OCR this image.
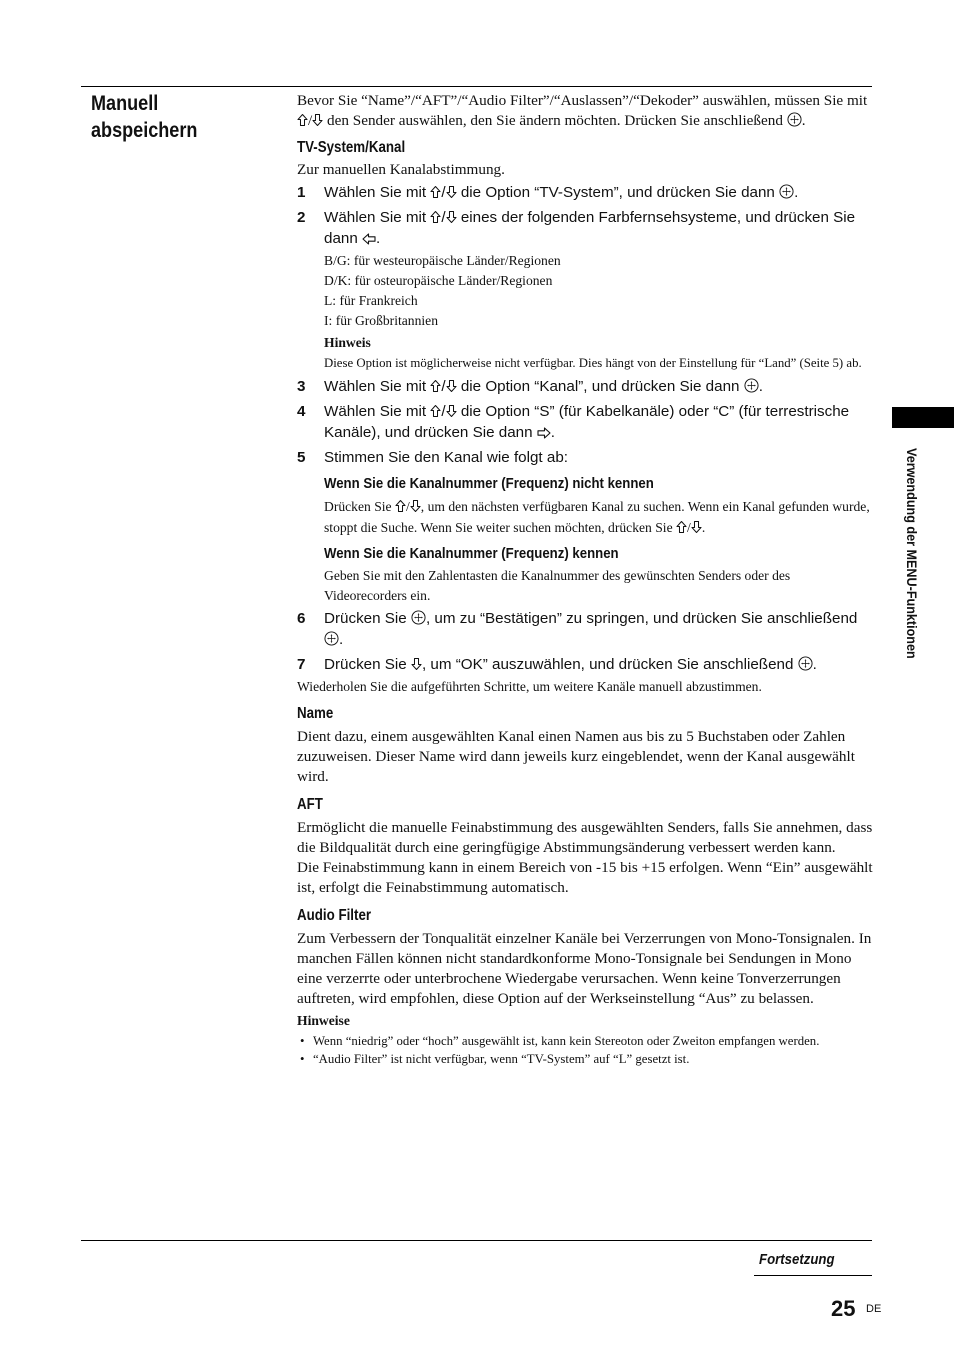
Manuell abspeichern

Bevor Sie “Name”/“AFT”/“Audio Filter”/“Auslassen”/“Dekoder” auswählen, müssen Sie mit / den Sender auswählen, den Sie ändern möchten. Drücken Sie anschließend .

TV-System/Kanal

Zur manuellen Kanalabstimmung.

1 Wählen Sie mit / die Option “TV-System”, und drücken Sie dann .
2 Wählen Sie mit / eines der folgenden Farbfernsehsysteme, und drücken Sie dann .

B/G: für westeuropäische Länder/Regionen

D/K: für osteuropäische Länder/Regionen

L: für Frankreich

I: für Großbritannien

Hinweis

Diese Option ist möglicherweise nicht verfügbar. Dies hängt von der Einstellung für “Land” (Seite 5) ab.

3 Wählen Sie mit / die Option “Kanal”, und drücken Sie dann .
4 Wählen Sie mit / die Option “S” (für Kabelkanäle) oder “C” (für terrestrische Kanäle), und drücken Sie dann .
5 Stimmen Sie den Kanal wie folgt ab:
Wenn Sie die Kanalnummer (Frequenz) nicht kennen

Drücken Sie / , um den nächsten verfügbaren Kanal zu suchen. Wenn ein Kanal gefunden wurde, stoppt die Suche. Wenn Sie weiter suchen möchten, drücken Sie / .

Wenn Sie die Kanalnummer (Frequenz) kennen

Geben Sie mit den Zahlentasten die Kanalnummer des gewünschten Senders oder des Videorecorders ein.

6 Drücken Sie , um zu “Bestätigen” zu springen, und drücken Sie anschließend .
7 Drücken Sie , um “OK” auszuwählen, und drücken Sie anschließend .

Wiederholen Sie die aufgeführten Schritte, um weitere Kanäle manuell abzustimmen.

Name

Dient dazu, einem ausgewählten Kanal einen Namen aus bis zu 5 Buchstaben oder Zahlen zuzuweisen. Dieser Name wird dann jeweils kurz eingeblendet, wenn der Kanal ausgewählt wird.

AFT

Ermöglicht die manuelle Feinabstimmung des ausgewählten Senders, falls Sie annehmen, dass die Bildqualität durch eine geringfügige Abstimmungsänderung verbessert werden kann.

Die Feinabstimmung kann in einem Bereich von -15 bis +15 erfolgen. Wenn “Ein” ausgewählt ist, erfolgt die Feinabstimmung automatisch.

Audio Filter

Zum Verbessern der Tonqualität einzelner Kanäle bei Verzerrungen von Mono-Tonsignalen. In manchen Fällen können nicht standardkonforme Mono-Tonsignale bei Sendungen in Mono eine verzerrte oder unterbrochene Wiedergabe verursachen. Wenn keine Tonverzerrungen auftreten, wird empfohlen, diese Option auf der Werkseinstellung “Aus” zu belassen.

Hinweise

• Wenn “niedrig” oder “hoch” ausgewählt ist, kann kein Stereoton oder Zweiton empfangen werden.
• “Audio Filter” ist nicht verfügbar, wenn “TV-System” auf “L” gesetzt ist.
Verwendung der MENU-Funktionen
Fortsetzung
25 DE
